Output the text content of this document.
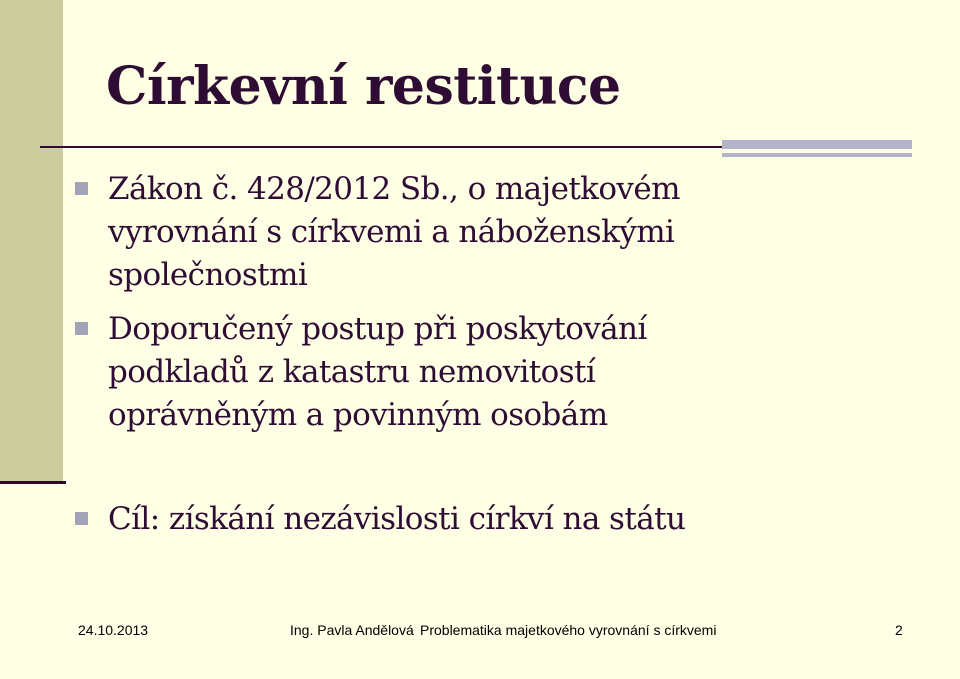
Církevní restituce
Zákon č. 428/2012 Sb., o majetkovém
vyrovnání s církvemi a náboženskými
společnostmi
Doporučený postup při poskytování
podkladů z katastru nemovitostí
oprávněným a povinným osobám
Cíl: získání nezávislosti církví na státu
24.10.2013	Ing. Pavla Andělová Problematika majetkového vyrovnání s církvemi	2
